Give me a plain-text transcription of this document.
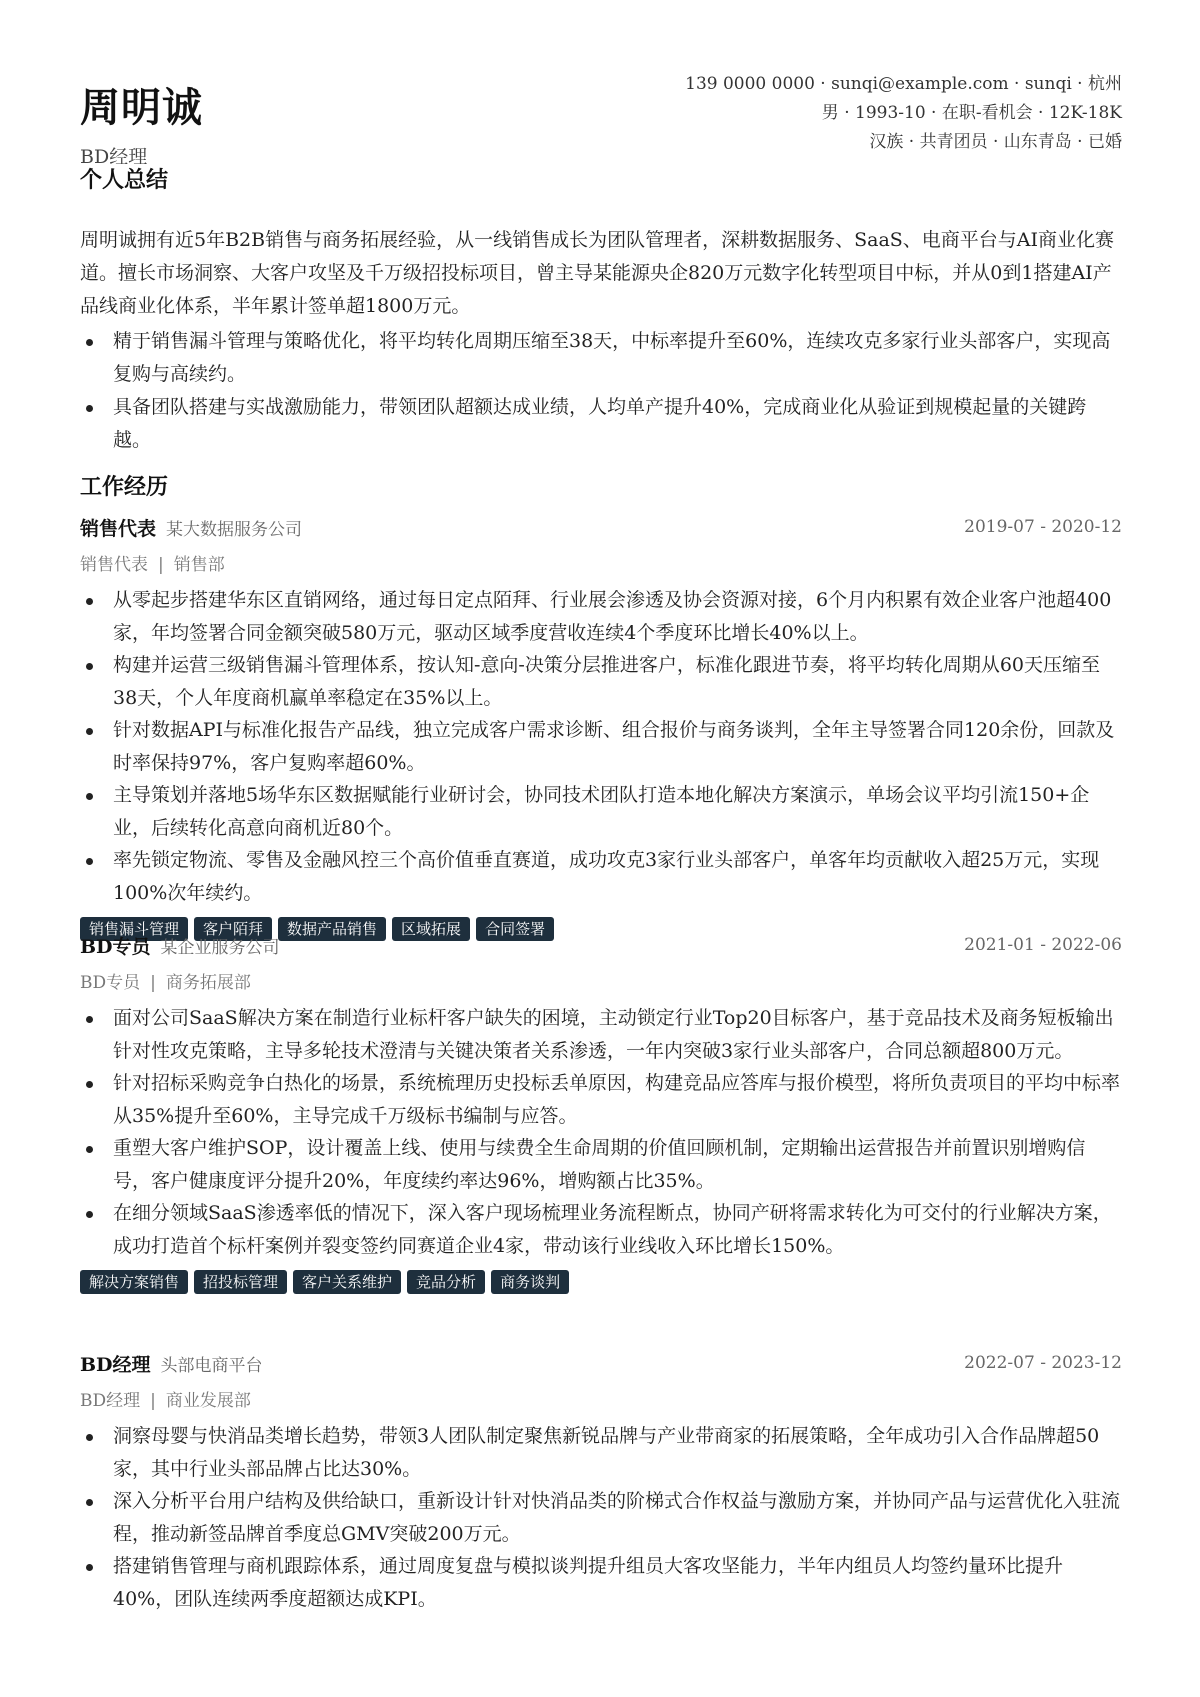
周明诚
BD经理
139 0000 0000 · sunqi@example.com · sunqi · 杭州
男 · 1993-10 · 在职-看机会 · 12K-18K
汉族 · 共青团员 · 山东青岛 · 已婚
个人总结

周明诚拥有近5年B2B销售与商务拓展经验，从一线销售成长为团队管理者，深耕数据服务、SaaS、电商平台与AI商业化赛道。擅长市场洞察、大客户攻坚及千万级招投标项目，曾主导某能源央企820万元数字化转型项目中标，并从0到1搭建AI产品线商业化体系，半年累计签单超1800万元。

精于销售漏斗管理与策略优化，将平均转化周期压缩至38天，中标率提升至60%，连续攻克多家行业头部客户，实现高复购与高续约。
具备团队搭建与实战激励能力，带领团队超额达成业绩，人均单产提升40%，完成商业化从验证到规模起量的关键跨越。
工作经历
销售代表 某大数据服务公司	2019-07 - 2020-12
销售代表 | 销售部
从零起步搭建华东区直销网络，通过每日定点陌拜、行业展会渗透及协会资源对接，6个月内积累有效企业客户池超400家，年均签署合同金额突破580万元，驱动区域季度营收连续4个季度环比增长40%以上。
构建并运营三级销售漏斗管理体系，按认知-意向-决策分层推进客户，标准化跟进节奏，将平均转化周期从60天压缩至38天，个人年度商机赢单率稳定在35%以上。
针对数据API与标准化报告产品线，独立完成客户需求诊断、组合报价与商务谈判，全年主导签署合同120余份，回款及时率保持97%，客户复购率超60%。
主导策划并落地5场华东区数据赋能行业研讨会，协同技术团队打造本地化解决方案演示，单场会议平均引流150+企业，后续转化高意向商机近80个。
率先锁定物流、零售及金融风控三个高价值垂直赛道，成功攻克3家行业头部客户，单客年均贡献收入超25万元，实现100%次年续约。
销售漏斗管理 客户陌拜 数据产品销售 区域拓展 合同签署
BD专员 某企业服务公司	2021-01 - 2022-06
BD专员 | 商务拓展部
面对公司SaaS解决方案在制造行业标杆客户缺失的困境，主动锁定行业Top20目标客户，基于竞品技术及商务短板输出针对性攻克策略，主导多轮技术澄清与关键决策者关系渗透，一年内突破3家行业头部客户，合同总额超800万元。
针对招标采购竞争白热化的场景，系统梳理历史投标丢单原因，构建竞品应答库与报价模型，将所负责项目的平均中标率从35%提升至60%，主导完成千万级标书编制与应答。
重塑大客户维护SOP，设计覆盖上线、使用与续费全生命周期的价值回顾机制，定期输出运营报告并前置识别增购信号，客户健康度评分提升20%，年度续约率达96%，增购额占比35%。
在细分领域SaaS渗透率低的情况下，深入客户现场梳理业务流程断点，协同产研将需求转化为可交付的行业解决方案，成功打造首个标杆案例并裂变签约同赛道企业4家，带动该行业线收入环比增长150%。
解决方案销售 招投标管理 客户关系维护 竞品分析 商务谈判
BD经理 头部电商平台	2022-07 - 2023-12
BD经理 | 商业发展部
洞察母婴与快消品类增长趋势，带领3人团队制定聚焦新锐品牌与产业带商家的拓展策略，全年成功引入合作品牌超50家，其中行业头部品牌占比达30%。
深入分析平台用户结构及供给缺口，重新设计针对快消品类的阶梯式合作权益与激励方案，并协同产品与运营优化入驻流程，推动新签品牌首季度总GMV突破200万元。
搭建销售管理与商机跟踪体系，通过周度复盘与模拟谈判提升组员大客攻坚能力，半年内组员人均签约量环比提升40%，团队连续两季度超额达成KPI。
